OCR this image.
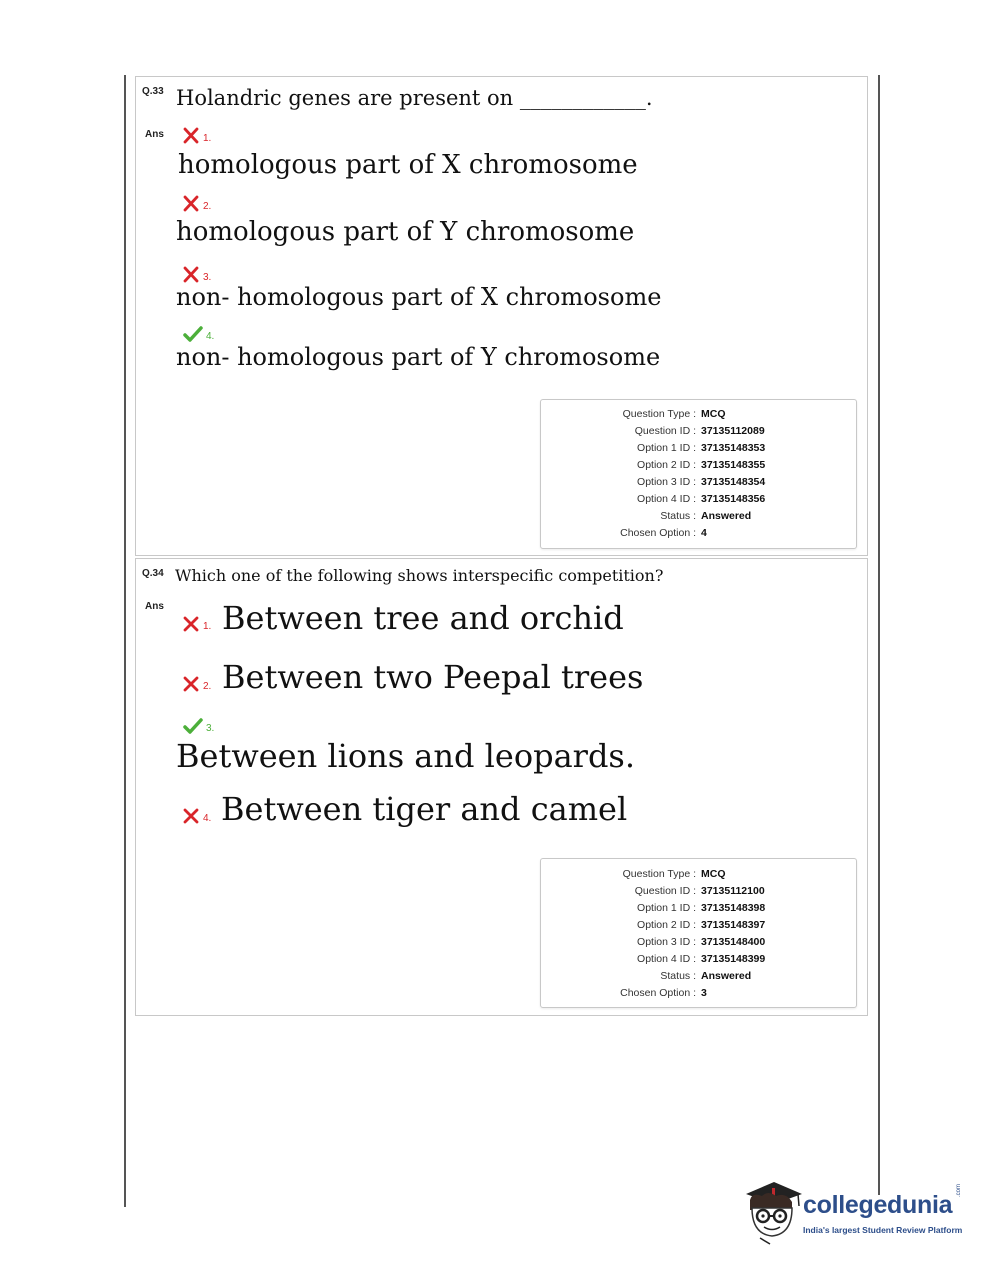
Q.33 Holandric genes are present on ____________.
Ans	1.
homologous part of X chromosome
2.
homologous part of Y chromosome
3.
non- homologous part of X chromosome
4.
non- homologous part of Y chromosome
Question Type : MCQ
Question ID : 37135112089
Option 1 ID : 37135148353
Option 2 ID : 37135148355
Option 3 ID : 37135148354
Option 4 ID : 37135148356
Status : Answered
Chosen Option : 4
Q.34 Which one of the following shows interspecific competition?
Ans
1. Between tree and orchid
2. Between two Peepal trees
3.
Between lions and leopards.
4. Between tiger and camel
Question Type : MCQ
Question ID : 37135112100
Option 1 ID : 37135148398
Option 2 ID : 37135148397
Option 3 ID : 37135148400
Option 4 ID : 37135148399
Status : Answered
Chosen Option : 3
collegedunia
.com
India's largest Student Review Platform
